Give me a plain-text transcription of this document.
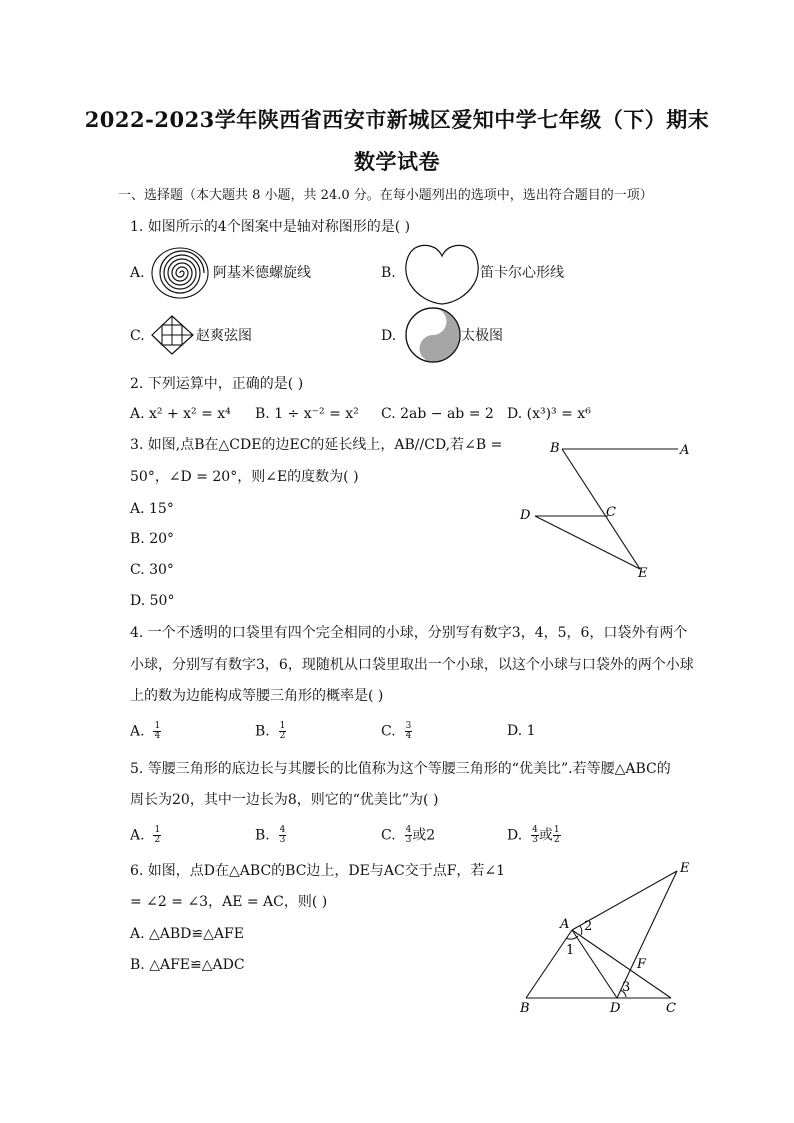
2022-2023学年陕西省西安市新城区爱知中学七年级（下）期末
数学试卷
一、选择题（本大题共 8 小题，共 24.0 分。在每小题列出的选项中，选出符合题目的一项）
1. 如图所示的4个图案中是轴对称图形的是( )
A.	阿基米德螺旋线	B.	笛卡尔心形线
C.	赵爽弦图	D.	太极图
2. 下列运算中，正确的是( )
A. x² + x² = x⁴ B. 1 ÷ x⁻² = x² C. 2ab − ab = 2 D. (x³)³ = x⁶
3. 如图,点B在△CDE的边EC的延长线上，AB//CD,若∠B =
50°，∠D = 20°，则∠E的度数为( )
A. 15°
B. 20°
C. 30°
D. 50°
B	A
D	C
E
4. 一个不透明的口袋里有四个完全相同的小球，分别写有数字3，4，5，6，口袋外有两个
小球，分别写有数字3，6，现随机从口袋里取出一个小球，以这个小球与口袋外的两个小球
上的数为边能构成等腰三角形的概率是( )
A. $\frac{1}{4}$	B. $\frac{1}{2}$	C. $\frac{3}{4}$	D. 1
5. 等腰三角形的底边长与其腰长的比值称为这个等腰三角形的“优美比”.若等腰△ABC的
周长为20，其中一边长为8，则它的“优美比”为( )
A. $\frac{1}{2}$	B. $\frac{4}{3}$	C. $\frac{4}{3}$ 或2	D. $\frac{4}{3}$ 或 $\frac{1}{2}$
6. 如图，点D在△ABC的BC边上，DE与AC交于点F，若∠1
= ∠2 = ∠3，AE = AC，则( )
A. △ABD≌△AFE
B. △AFE≌△ADC
E
A 2
1
F
3
B	D	C
